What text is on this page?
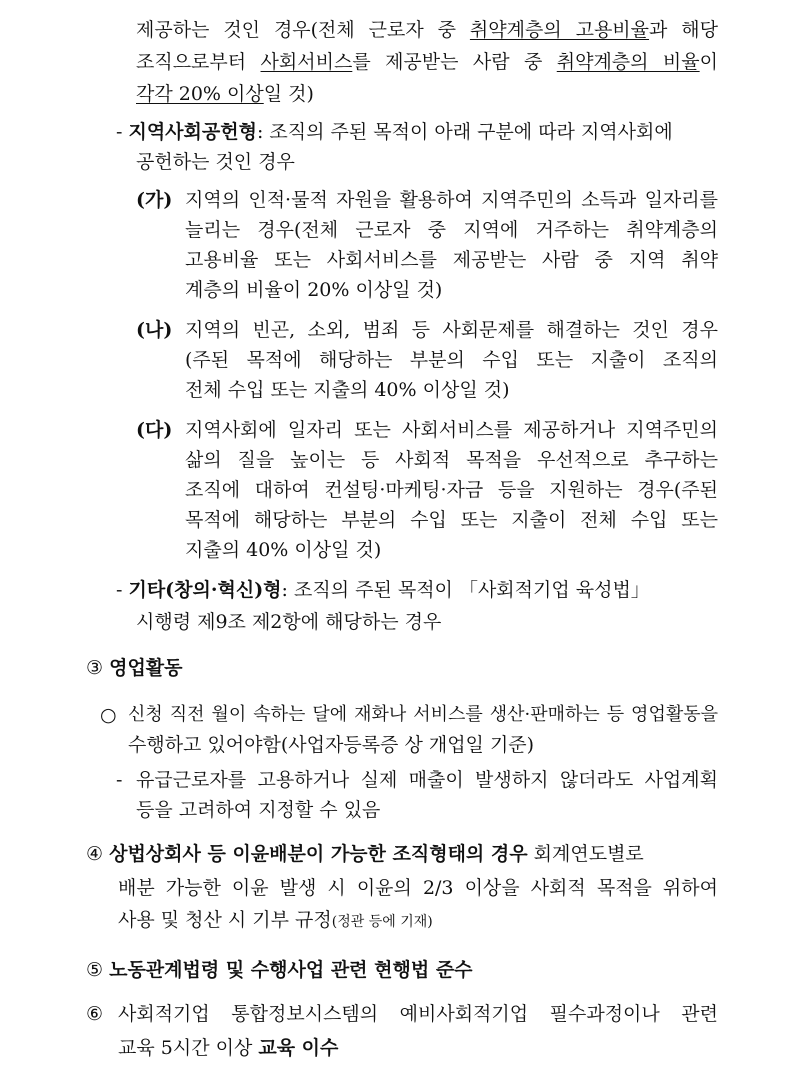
제공하는 것인 경우(전체 근로자 중 취약계층의 고용비율과 해당
조직으로부터 사회서비스를 제공받는 사람 중 취약계층의 비율이
각각 20% 이상일 것)
- 지역사회공헌형: 조직의 주된 목적이 아래 구분에 따라 지역사회에
공헌하는 것인 경우
(가) 지역의 인적·물적 자원을 활용하여 지역주민의 소득과 일자리를
늘리는 경우(전체 근로자 중 지역에 거주하는 취약계층의
고용비율 또는 사회서비스를 제공받는 사람 중 지역 취약
계층의 비율이 20% 이상일 것)
(나) 지역의 빈곤, 소외, 범죄 등 사회문제를 해결하는 것인 경우
(주된 목적에 해당하는 부분의 수입 또는 지출이 조직의
전체 수입 또는 지출의 40% 이상일 것)
(다) 지역사회에 일자리 또는 사회서비스를 제공하거나 지역주민의
삶의 질을 높이는 등 사회적 목적을 우선적으로 추구하는
조직에 대하여 컨설팅·마케팅·자금 등을 지원하는 경우(주된
목적에 해당하는 부분의 수입 또는 지출이 전체 수입 또는
지출의 40% 이상일 것)
- 기타(창의·혁신)형: 조직의 주된 목적이 「사회적기업 육성법」
시행령 제9조 제2항에 해당하는 경우
③ 영업활동
○ 신청 직전 월이 속하는 달에 재화나 서비스를 생산·판매하는 등 영업활동을
수행하고 있어야함(사업자등록증 상 개업일 기준)
- 유급근로자를 고용하거나 실제 매출이 발생하지 않더라도 사업계획
등을 고려하여 지정할 수 있음
④ 상법상회사 등 이윤배분이 가능한 조직형태의 경우 회계연도별로
배분 가능한 이윤 발생 시 이윤의 2/3 이상을 사회적 목적을 위하여
사용 및 청산 시 기부 규정(정관 등에 기재)
⑤ 노동관계법령 및 수행사업 관련 현행법 준수
⑥ 사회적기업 통합정보시스템의 예비사회적기업 필수과정이나 관련
교육 5시간 이상 교육 이수
